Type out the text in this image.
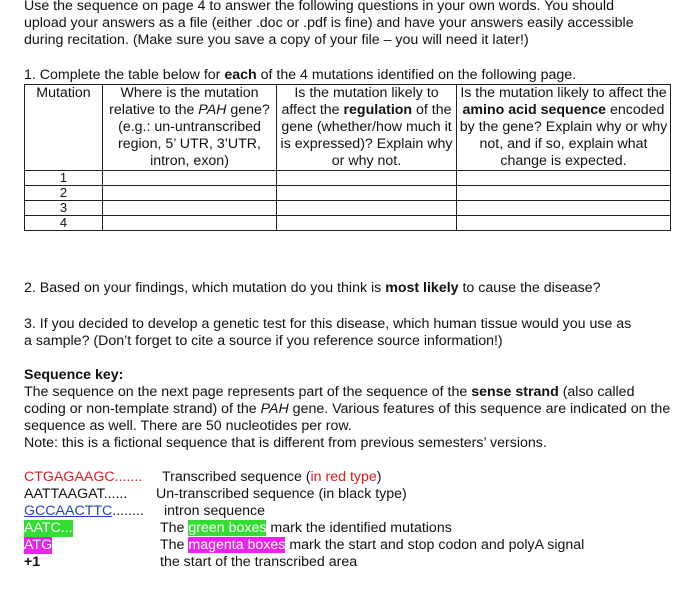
Use the sequence on page 4 to answer the following questions in your own words. You should
upload your answers as a file (either .doc or .pdf is fine) and have your answers easily accessible
during recitation. (Make sure you save a copy of your file – you will need it later!)
1. Complete the table below for each of the 4 mutations identified on the following page.
Mutation	Where is the mutation relative to the PAH gene? (e.g.: un-untranscribed region, 5’ UTR, 3’UTR, intron, exon)	Is the mutation likely to affect the regulation of the gene (whether/how much it is expressed)? Explain why or why not.	Is the mutation likely to affect the amino acid sequence encoded by the gene? Explain why or why not, and if so, explain what change is expected.
1			
2			
3			
4			
2. Based on your findings, which mutation do you think is most likely to cause the disease?
3. If you decided to develop a genetic test for this disease, which human tissue would you use as
a sample? (Don’t forget to cite a source if you reference source information!)
Sequence key:
The sequence on the next page represents part of the sequence of the sense strand (also called coding or non-template strand) of the PAH gene. Various features of this sequence are indicated on the sequence as well. There are 50 nucleotides per row.
Note: this is a fictional sequence that is different from previous semesters’ versions.
CTGAGAAGC....... Transcribed sequence (in red type)
AATTAAGAT...... Un-transcribed sequence (in black type)
GCCAACTTC........ intron sequence
AATC...	The green boxes mark the identified mutations
ATG	The magenta boxes mark the start and stop codon and polyA signal
+1	the start of the transcribed area
